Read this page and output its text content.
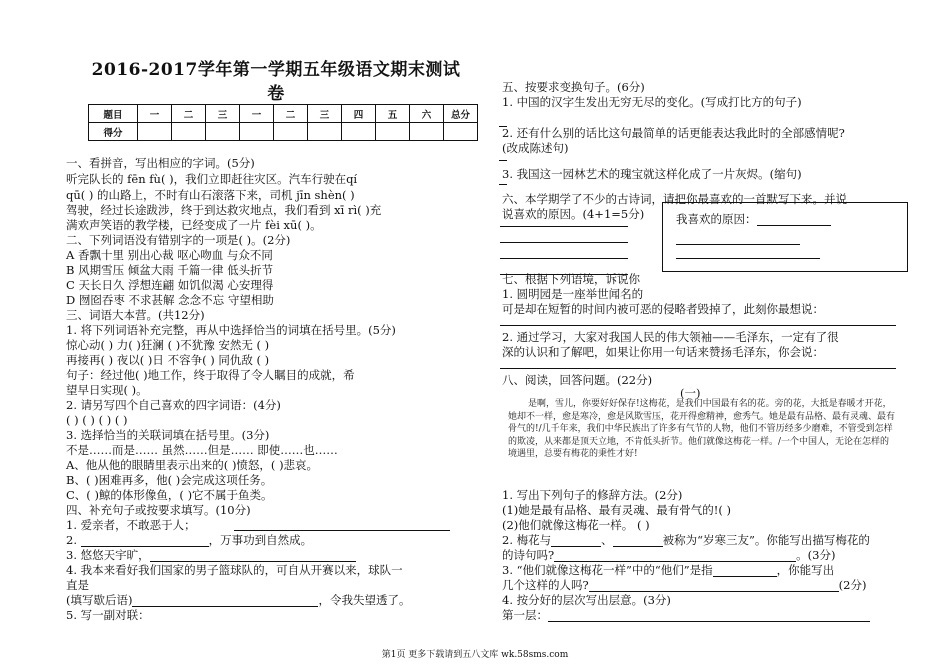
2016-2017学年第一学期五年级语文期末测试
卷
题目	一	二	三	一	二	三	四	五	六	总分
得分										
一、看拼音，写出相应的字词。(5分)
听完队长的 fēn fù( )，我们立即赶往灾区。汽车行驶在qí
qū( ) 的山路上，不时有山石滚落下来，司机 jīn shèn( )
驾驶，经过长途跋涉，终于到达救灾地点，我们看到 xī rì( )充
满欢声笑语的教学楼，已经变成了一片 fèi xū( )。
二、下列词语没有错别字的一项是( )。(2分)
A 香飘十里 别出心裁 呕心吻血 与众不同
B 风期雪压 倾盆大雨 千篇一律 低头折节
C 天长日久 浮想连翩 如饥似渴 心安理得
D 囫囵吞枣 不求甚解 念念不忘 守望相助
三、词语大本营。(共12分)
1. 将下列词语补充完整，再从中选择恰当的词填在括号里。(5分)
惊心动( ) 力( )狂澜 ( )不犹豫 安然无 ( )
再接再( ) 夜以( )日 不容争( ) 同仇敌 ( )
句子：经过他( )地工作，终于取得了令人瞩目的成就，希
望早日实现( )。
2. 请另写四个自己喜欢的四字词语：(4分)
( ) ( ) ( ) ( )
3. 选择恰当的关联词填在括号里。(3分)
不是……而是…… 虽然……但是…… 即使……也……
A、他从他的眼睛里表示出来的( )愤怒，( )悲哀。
B、( )困难再多，他( )会完成这项任务。
C、( )鲸的体形像鱼，( )它不属于鱼类。
四、补充句子或按要求填写。(10分)
1. 爱亲者，不敢恶于人；
2.	，万事功到自然成。
3. 悠悠天宇旷，
4. 我本来看好我们国家的男子篮球队的，可自从开赛以来，球队一
直是
(填写歇后语)	，令我失望透了。
5. 写一副对联：
五、按要求变换句子。(6分)
1. 中国的汉字生发出无穷无尽的变化。(写成打比方的句子)
2. 还有什么别的话比这句最简单的话更能表达我此时的全部感情呢?
(改成陈述句)
3. 我国这一园林艺术的瑰宝就这样化成了一片灰烬。(缩句)
六、本学期学了不少的古诗词，请把你最喜欢的一首默写下来。并说
说喜欢的原因。(4+1=5分)	我喜欢的原因：
七、根据下列语境，诉说你
1. 圆明园是一座举世闻名的
可是却在短暂的时间内被可恶的侵略者毁掉了，此刻你最想说：
2. 通过学习，大家对我国人民的伟大领袖——毛泽东，一定有了很
深的认识和了解吧，如果让你用一句话来赞扬毛泽东，你会说：
八、阅读，回答问题。(22分)
(一)
是啊，雪儿，你要好好保存!这梅花，是我们中国最有名的花。旁的花，大抵是春暖才开花，她却不一样，愈是寒冷，愈是风欺雪压，花开得愈精神，愈秀气。她是最有品格、最有灵魂、最有骨气的!/几千年来，我们中华民族出了许多有气节的人物，他们不管历经多少磨难，不管受到怎样的欺凌，从来都是顶天立地，不肯低头折节。他们就像这梅花一样。/一个中国人，无论在怎样的境遇里，总要有梅花的秉性才好!
1. 写出下列句子的修辞方法。(2分)
(1)她是最有品格、最有灵魂、最有骨气的!( )
(2)他们就像这梅花一样。 ( )
2. 梅花与	、	被称为“岁寒三友”。你能写出描写梅花的
的诗句吗?	。(3分)
3. “他们就像这梅花一样”中的“他们”是指	，你能写出
几个这样的人吗?	(2分)
4. 按分好的层次写出层意。(3分)
第一层：
第1页 更多下载请到五八文库 wk.58sms.com
